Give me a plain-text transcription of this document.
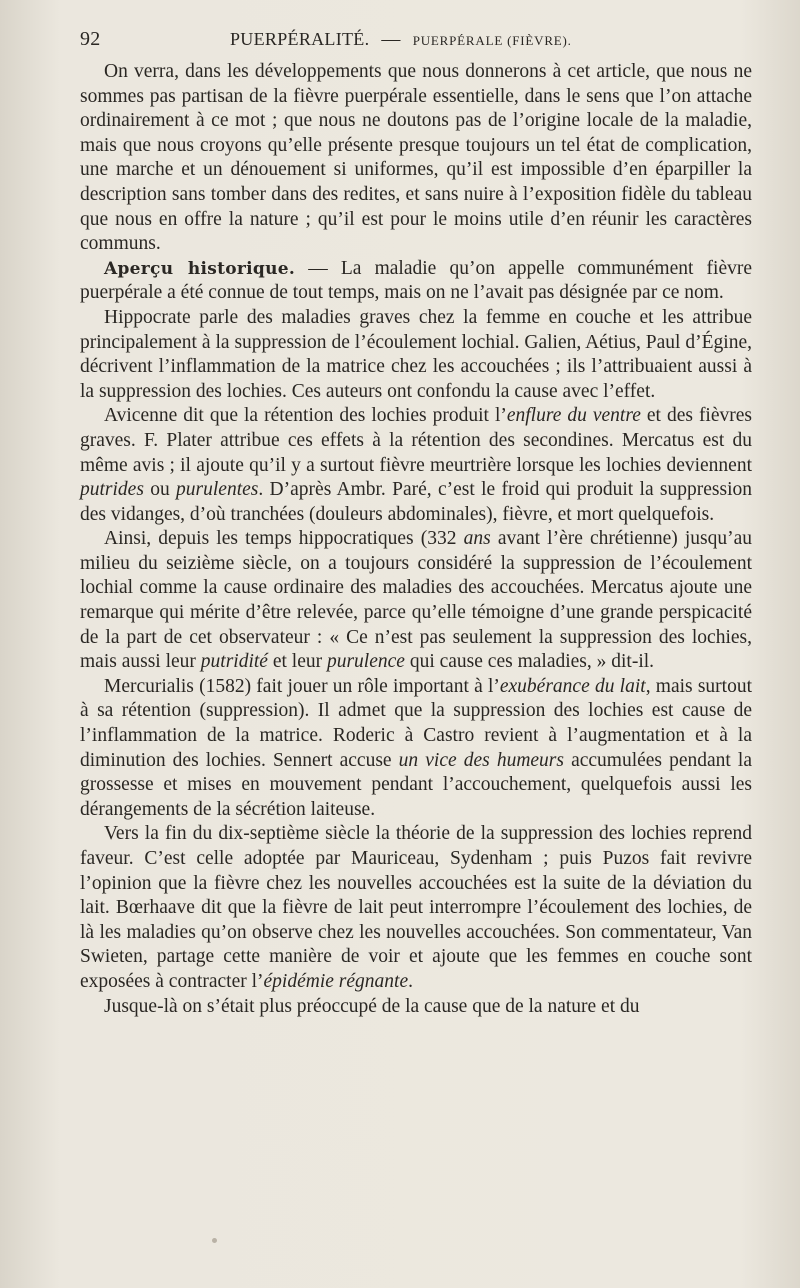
92	PUERPÉRALITÉ. — PUERPÉRALE (FIÈVRE).

On verra, dans les développements que nous donnerons à cet article, que nous ne sommes pas partisan de la fièvre puerpérale essentielle, dans le sens que l’on attache ordinairement à ce mot ; que nous ne doutons pas de l’origine locale de la maladie, mais que nous croyons qu’elle présente presque toujours un tel état de complication, une marche et un dénouement si uniformes, qu’il est impossible d’en éparpiller la description sans tomber dans des redites, et sans nuire à l’exposition fidèle du tableau que nous en offre la nature ; qu’il est pour le moins utile d’en réunir les caractères communs.

Aperçu historique. — La maladie qu’on appelle communément fièvre puerpérale a été connue de tout temps, mais on ne l’avait pas désignée par ce nom.

Hippocrate parle des maladies graves chez la femme en couche et les attribue principalement à la suppression de l’écoulement lochial. Galien, Aétius, Paul d’Égine, décrivent l’inflammation de la matrice chez les accouchées ; ils l’attribuaient aussi à la suppression des lochies. Ces auteurs ont confondu la cause avec l’effet.

Avicenne dit que la rétention des lochies produit l’enflure du ventre et des fièvres graves. F. Plater attribue ces effets à la rétention des secondines. Mercatus est du même avis ; il ajoute qu’il y a surtout fièvre meurtrière lorsque les lochies deviennent putrides ou purulentes. D’après Ambr. Paré, c’est le froid qui produit la suppression des vidanges, d’où tranchées (douleurs abdominales), fièvre, et mort quelquefois.

Ainsi, depuis les temps hippocratiques (332 ans avant l’ère chrétienne) jusqu’au milieu du seizième siècle, on a toujours considéré la suppression de l’écoulement lochial comme la cause ordinaire des maladies des accouchées. Mercatus ajoute une remarque qui mérite d’être relevée, parce qu’elle témoigne d’une grande perspicacité de la part de cet observateur : « Ce n’est pas seulement la suppression des lochies, mais aussi leur putridité et leur purulence qui cause ces maladies, » dit-il.

Mercurialis (1582) fait jouer un rôle important à l’exubérance du lait, mais surtout à sa rétention (suppression). Il admet que la suppression des lochies est cause de l’inflammation de la matrice. Roderic à Castro revient à l’augmentation et à la diminution des lochies. Sennert accuse un vice des humeurs accumulées pendant la grossesse et mises en mouvement pendant l’accouchement, quelquefois aussi les dérangements de la sécrétion laiteuse.

Vers la fin du dix-septième siècle la théorie de la suppression des lochies reprend faveur. C’est celle adoptée par Mauriceau, Sydenham ; puis Puzos fait revivre l’opinion que la fièvre chez les nouvelles accouchées est la suite de la déviation du lait. Bœrhaave dit que la fièvre de lait peut interrompre l’écoulement des lochies, de là les maladies qu’on observe chez les nouvelles accouchées. Son commentateur, Van Swieten, partage cette manière de voir et ajoute que les femmes en couche sont exposées à contracter l’épidémie régnante.

Jusque-là on s’était plus préoccupé de la cause que de la nature et du
